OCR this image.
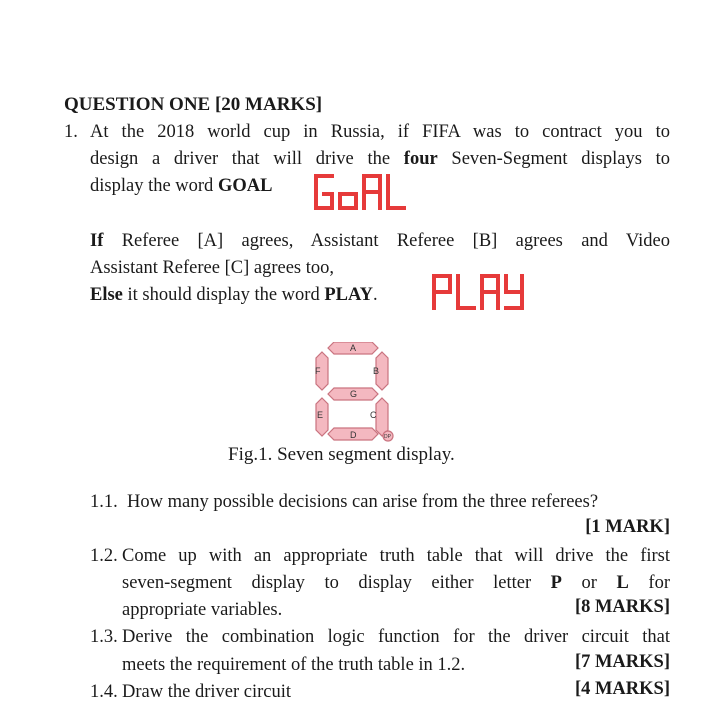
QUESTION ONE [20 MARKS]
1. At the 2018 world cup in Russia, if FIFA was to contract you to
design a driver that will drive the four Seven-Segment displays to
display the word GOAL
If Referee [A] agrees, Assistant Referee [B] agrees and Video
Assistant Referee [C] agrees too,
Else it should display the word PLAY.
A
F	B
G
E	C
D	DP
Fig.1. Seven segment display.
1.1. How many possible decisions can arise from the three referees?
[1 MARK]
1.2. Come up with an appropriate truth table that will drive the first
seven-segment display to display either letter P or L for
appropriate variables.	[8 MARKS]
1.3. Derive the combination logic function for the driver circuit that
meets the requirement of the truth table in 1.2.	[7 MARKS]
1.4. Draw the driver circuit	[4 MARKS]
